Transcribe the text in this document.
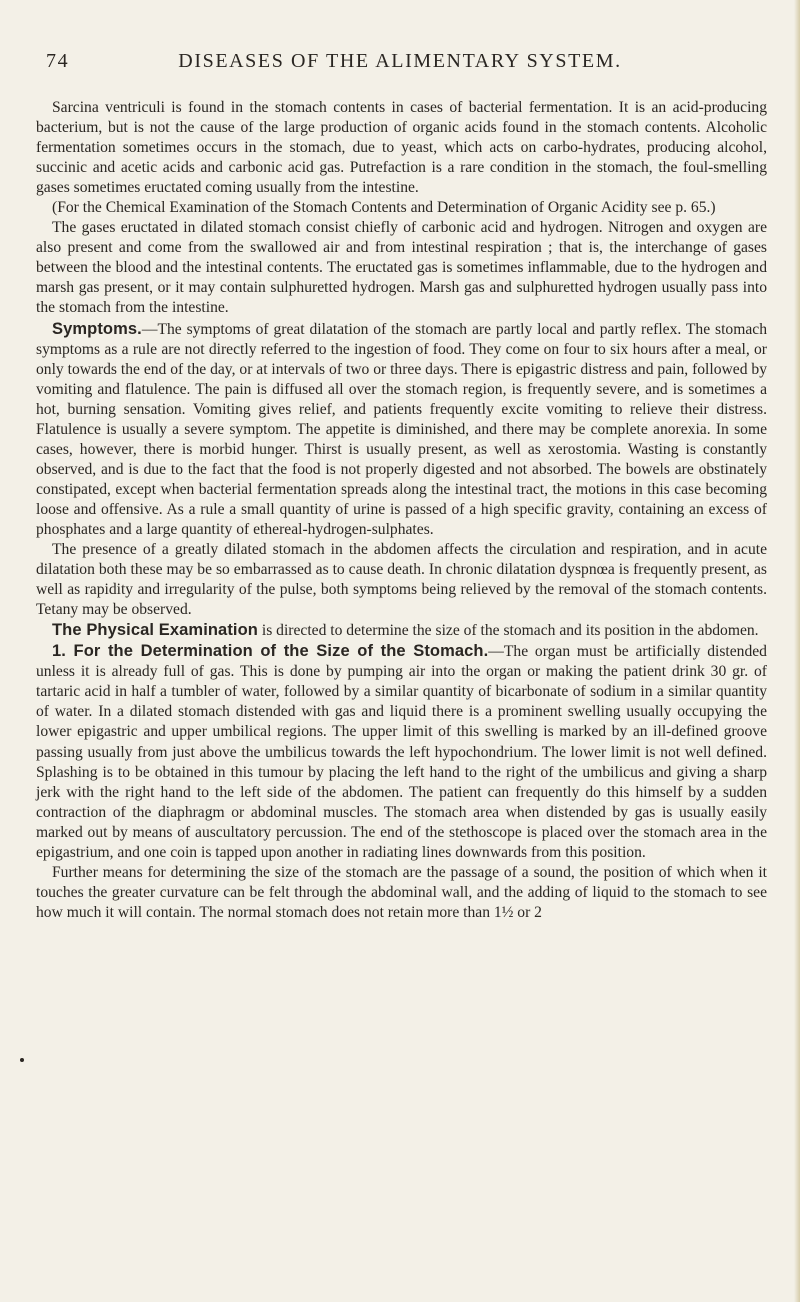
74	DISEASES OF THE ALIMENTARY SYSTEM.

Sarcina ventriculi is found in the stomach contents in cases of bacterial fermentation. It is an acid-producing bacterium, but is not the cause of the large production of organic acids found in the stomach contents. Alcoholic fermentation sometimes occurs in the stomach, due to yeast, which acts on carbo-hydrates, producing alcohol, succinic and acetic acids and carbonic acid gas. Putrefaction is a rare condition in the stomach, the foul-smelling gases sometimes eructated coming usually from the intestine.

(For the Chemical Examination of the Stomach Contents and Determination of Organic Acidity see p. 65.)

The gases eructated in dilated stomach consist chiefly of carbonic acid and hydrogen. Nitrogen and oxygen are also present and come from the swallowed air and from intestinal respiration ; that is, the interchange of gases between the blood and the intestinal contents. The eructated gas is sometimes inflammable, due to the hydrogen and marsh gas present, or it may contain sulphuretted hydrogen. Marsh gas and sulphuretted hydrogen usually pass into the stomach from the intestine.

Symptoms.—The symptoms of great dilatation of the stomach are partly local and partly reflex. The stomach symptoms as a rule are not directly referred to the ingestion of food. They come on four to six hours after a meal, or only towards the end of the day, or at intervals of two or three days. There is epigastric distress and pain, followed by vomiting and flatulence. The pain is diffused all over the stomach region, is frequently severe, and is sometimes a hot, burning sensation. Vomiting gives relief, and patients frequently excite vomiting to relieve their distress. Flatulence is usually a severe symptom. The appetite is diminished, and there may be complete anorexia. In some cases, however, there is morbid hunger. Thirst is usually present, as well as xerostomia. Wasting is constantly observed, and is due to the fact that the food is not properly digested and not absorbed. The bowels are obstinately constipated, except when bacterial fermentation spreads along the intestinal tract, the motions in this case becoming loose and offensive. As a rule a small quantity of urine is passed of a high specific gravity, containing an excess of phosphates and a large quantity of ethereal-hydrogen-sulphates.

The presence of a greatly dilated stomach in the abdomen affects the circulation and respiration, and in acute dilatation both these may bе so embarrassed as to cause death. In chronic dilatation dyspnœa is frequently present, as well as rapidity and irregularity of the pulse, both symptoms being relieved by the removal of the stomach contents. Tetany may be observed.

The Physical Examination is directed to determine the size of the stomach and its position in the abdomen.

1. For the Determination of the Size of the Stomach.—The organ must be artificially distended unless it is already full of gas. This is done by pumping air into the organ or making the patient drink 30 gr. of tartaric acid in half a tumbler of water, followed by a similar quantity of bicarbonate of sodium in a similar quantity of water. In a dilated stomach distended with gas and liquid there is a prominent swelling usually occupying the lower epigastric and upper umbilical regions. The upper limit of this swelling is marked by an ill-defined groove passing usually from just above the umbilicus towards the left hypochondrium. The lower limit is not well defined. Splashing is to be obtained in this tumour by placing the left hand to the right of the umbilicus and giving a sharp jerk with the right hand to the left side of the abdomen. The patient can frequently do this himself by a sudden contraction of the diaphragm or abdominal muscles. The stomach area when distended by gas is usually easily marked out by means of auscultatory percussion. The end of the stethoscope is placed over the stomach area in the epigastrium, and one coin is tapped upon another in radiating lines downwards from this position.

Further means for determining the size of the stomach are the passage of a sound, the position of which when it touches the greater curvature can be felt through the abdominal wall, and the adding of liquid to the stomach to see how much it will contain. The normal stomach does not retain more than 1½ or 2
